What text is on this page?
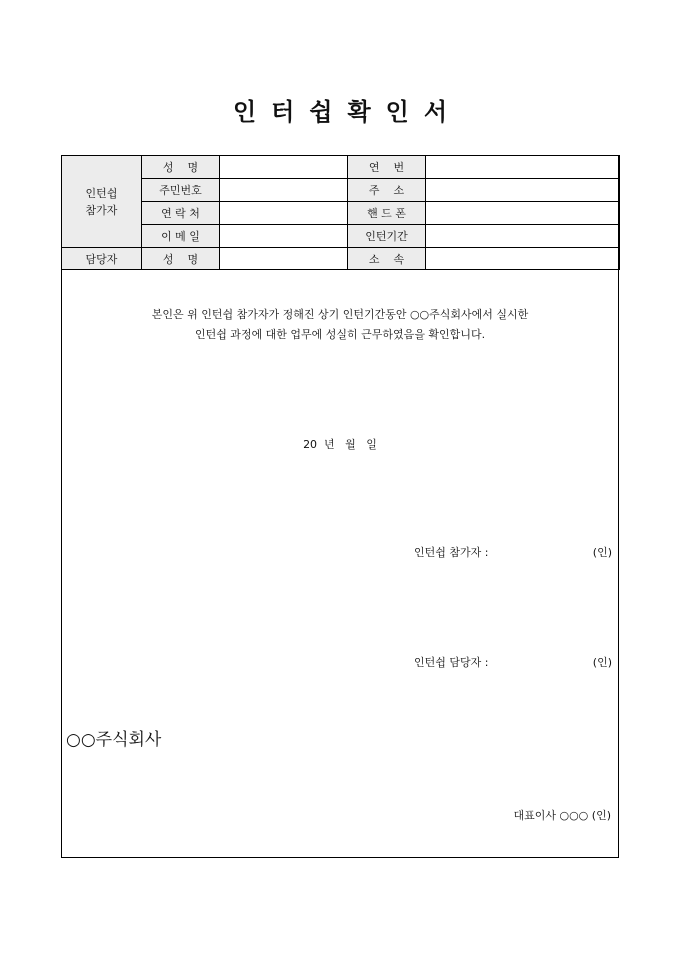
인터쉽확인서
인턴쉽
참가자	성    명		연    번	
	주민번호		주    소	
	연 락 처		핸 드 폰	
	이 메 일		인턴기간	
담당자	성    명		소    속	
본인은 위 인턴쉽 참가자가 정해진 상기 인턴기간동안 ○○주식회사에서 실시한
인턴쉽 과정에 대한 업무에 성실히 근무하였음을 확인합니다.
20  년   월   일
인턴쉽 참가자 :	(인)
인턴쉽 담당자 :	(인)
○○주식회사
대표이사 ○○○ (인)
